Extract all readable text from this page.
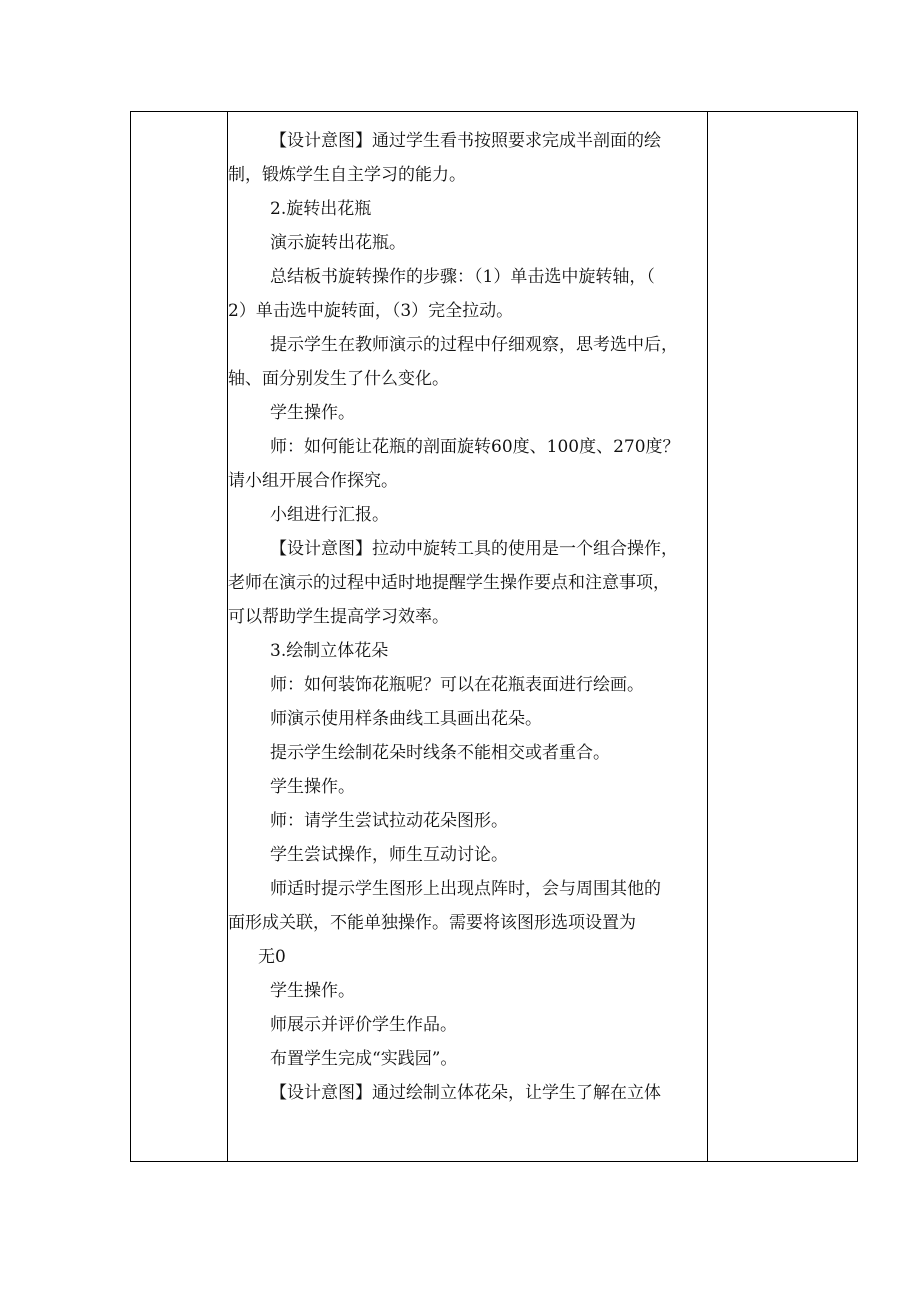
【设计意图】通过学生看书按照要求完成半剖面的绘
制，锻炼学生自主学习的能力。
2.旋转出花瓶
演示旋转出花瓶。
总结板书旋转操作的步骤：（1）单击选中旋转轴，（
2）单击选中旋转面，（3）完全拉动。
提示学生在教师演示的过程中仔细观察，思考选中后，
轴、面分别发生了什么变化。
学生操作。
师：如何能让花瓶的剖面旋转60度、100度、270度？
请小组开展合作探究。
小组进行汇报。
【设计意图】拉动中旋转工具的使用是一个组合操作，
老师在演示的过程中适时地提醒学生操作要点和注意事项，
可以帮助学生提高学习效率。
3.绘制立体花朵
师：如何装饰花瓶呢？可以在花瓶表面进行绘画。
师演示使用样条曲线工具画出花朵。
提示学生绘制花朵时线条不能相交或者重合。
学生操作。
师：请学生尝试拉动花朵图形。
学生尝试操作，师生互动讨论。
师适时提示学生图形上出现点阵时，会与周围其他的
面形成关联，不能单独操作。需要将该图形选项设置为
无0
学生操作。
师展示并评价学生作品。
布置学生完成“实践园”。
【设计意图】通过绘制立体花朵，让学生了解在立体
